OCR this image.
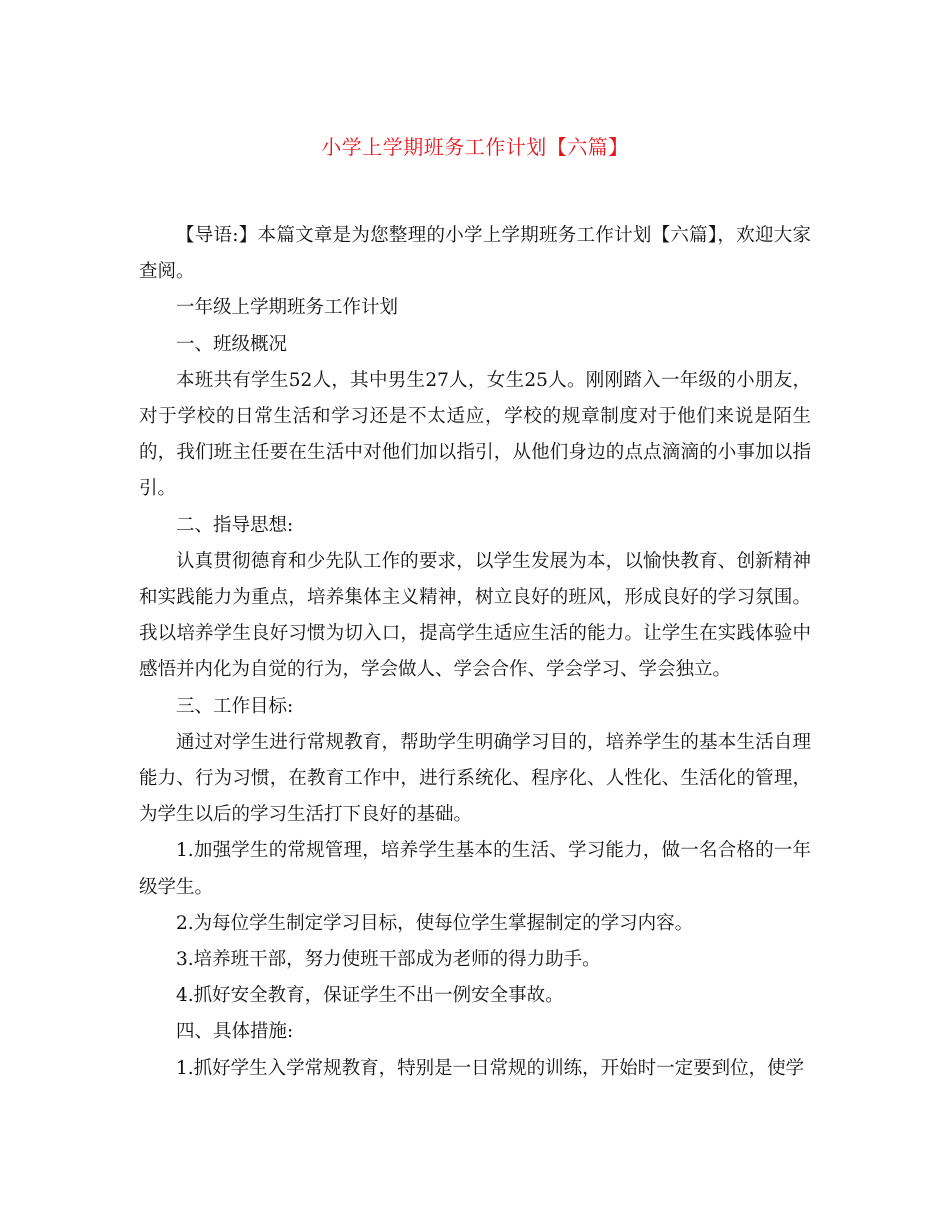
小学上学期班务工作计划【六篇】

【导语:】本篇文章是为您整理的小学上学期班务工作计划【六篇】，欢迎大家查阅。

一年级上学期班务工作计划

一、班级概况

本班共有学生52人，其中男生27人，女生25人。刚刚踏入一年级的小朋友，对于学校的日常生活和学习还是不太适应，学校的规章制度对于他们来说是陌生的，我们班主任要在生活中对他们加以指引，从他们身边的点点滴滴的小事加以指引。

二、指导思想:

认真贯彻德育和少先队工作的要求，以学生发展为本，以愉快教育、创新精神和实践能力为重点，培养集体主义精神，树立良好的班风，形成良好的学习氛围。我以培养学生良好习惯为切入口，提高学生适应生活的能力。让学生在实践体验中感悟并内化为自觉的行为，学会做人、学会合作、学会学习、学会独立。

三、工作目标:

通过对学生进行常规教育，帮助学生明确学习目的，培养学生的基本生活自理能力、行为习惯，在教育工作中，进行系统化、程序化、人性化、生活化的管理，为学生以后的学习生活打下良好的基础。

1.加强学生的常规管理，培养学生基本的生活、学习能力，做一名合格的一年级学生。

2.为每位学生制定学习目标，使每位学生掌握制定的学习内容。

3.培养班干部，努力使班干部成为老师的得力助手。

4.抓好安全教育，保证学生不出一例安全事故。

四、具体措施:

1.抓好学生入学常规教育，特别是一日常规的训练，开始时一定要到位，使学
